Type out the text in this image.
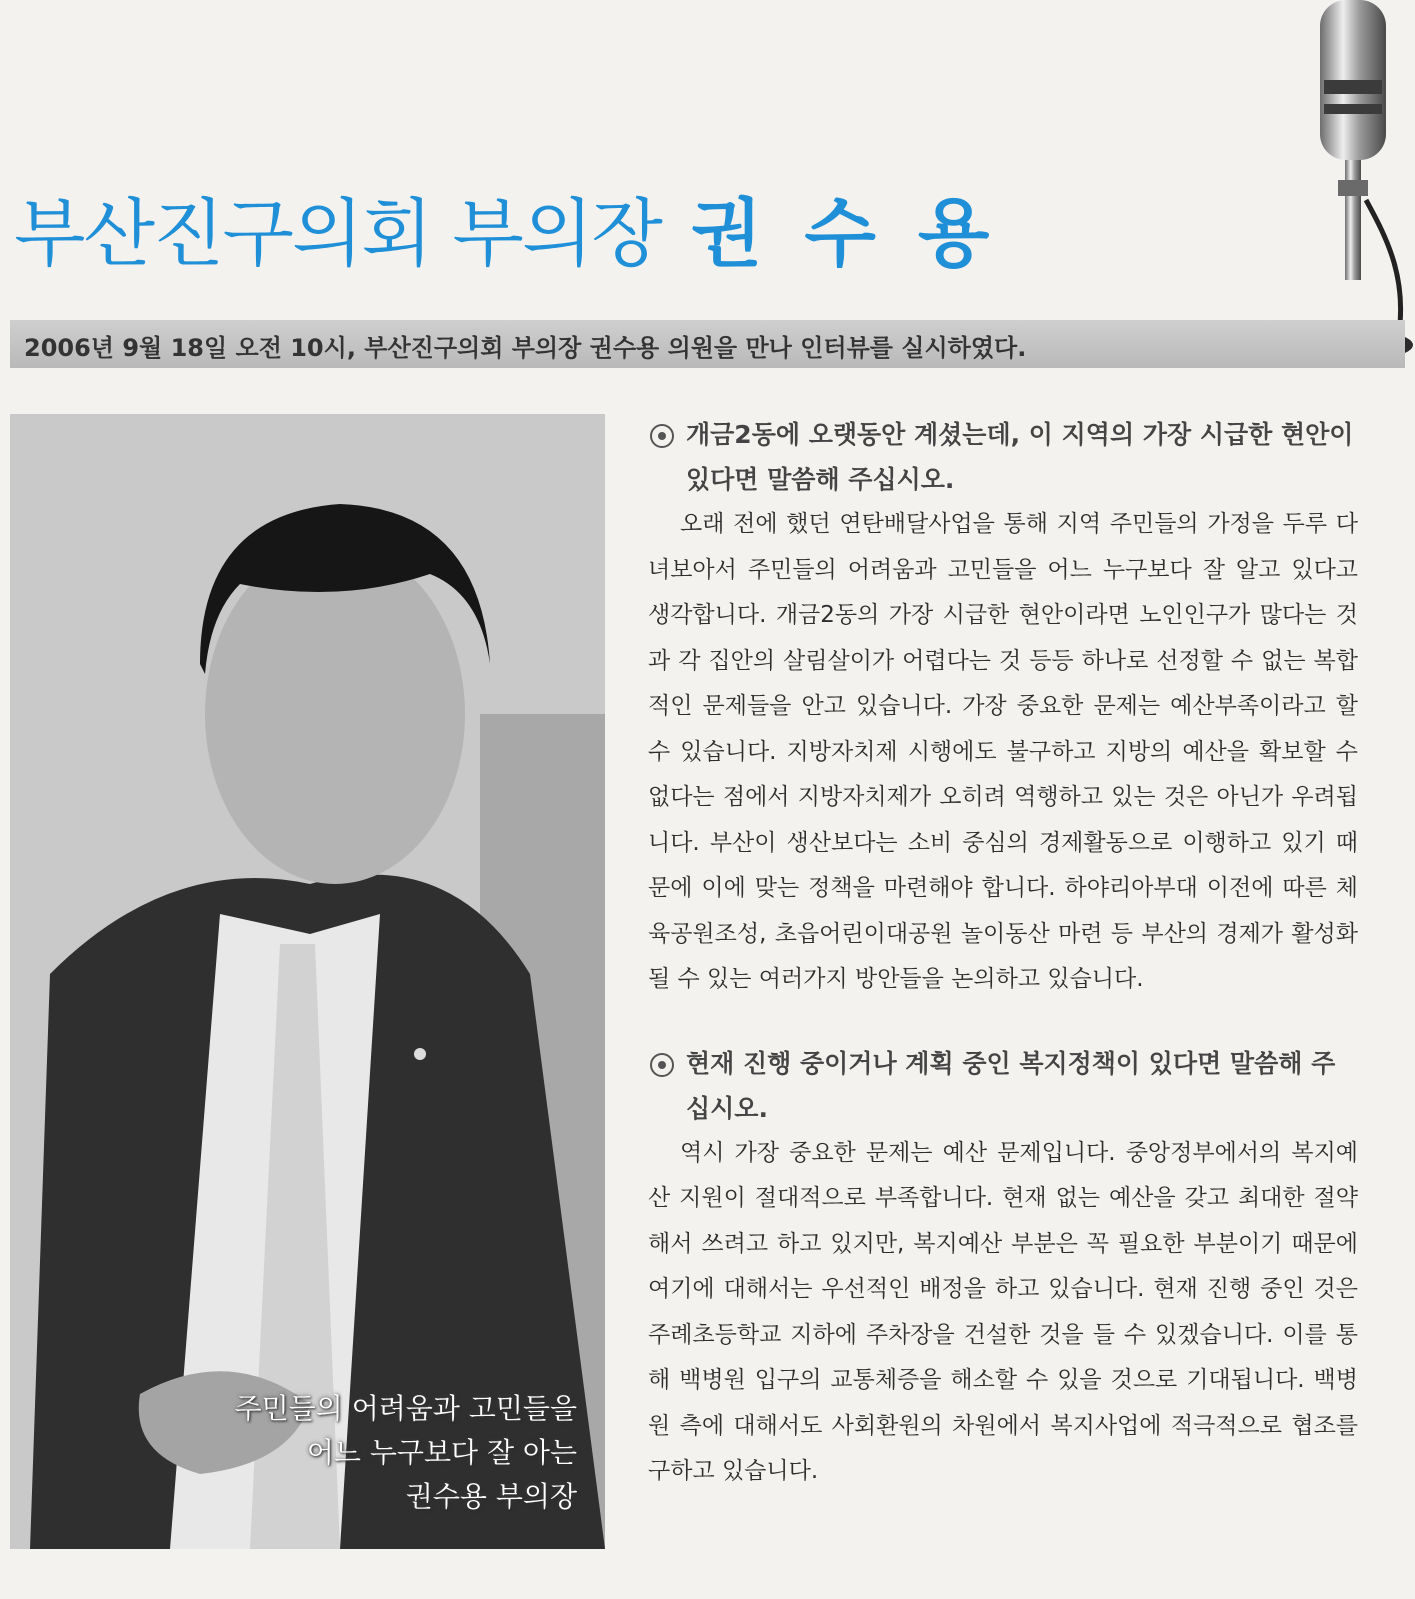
부산진구의회 부의장 권수용

2006년 9월 18일 오전 10시, 부산진구의회 부의장 권수용 의원을 만나 인터뷰를 실시하였다.

주민들의 어려움과 고민들을
어느 누구보다 잘 아는
권수용 부의장

개금2동에 오랫동안 계셨는데, 이 지역의 가장 시급한 현안이 있다면 말씀해 주십시오.

오래 전에 했던 연탄배달사업을 통해 지역 주민들의 가정을 두루 다녀보아서 주민들의 어려움과 고민들을 어느 누구보다 잘 알고 있다고 생각합니다. 개금2동의 가장 시급한 현안이라면 노인인구가 많다는 것과 각 집안의 살림살이가 어렵다는 것 등등 하나로 선정할 수 없는 복합적인 문제들을 안고 있습니다. 가장 중요한 문제는 예산부족이라고 할 수 있습니다. 지방자치제 시행에도 불구하고 지방의 예산을 확보할 수 없다는 점에서 지방자치제가 오히려 역행하고 있는 것은 아닌가 우려됩니다. 부산이 생산보다는 소비 중심의 경제활동으로 이행하고 있기 때문에 이에 맞는 정책을 마련해야 합니다. 하야리아부대 이전에 따른 체육공원조성, 초읍어린이대공원 놀이동산 마련 등 부산의 경제가 활성화될 수 있는 여러가지 방안들을 논의하고 있습니다.

현재 진행 중이거나 계획 중인 복지정책이 있다면 말씀해 주십시오.

역시 가장 중요한 문제는 예산 문제입니다. 중앙정부에서의 복지예산 지원이 절대적으로 부족합니다. 현재 없는 예산을 갖고 최대한 절약해서 쓰려고 하고 있지만, 복지예산 부분은 꼭 필요한 부분이기 때문에 여기에 대해서는 우선적인 배정을 하고 있습니다. 현재 진행 중인 것은 주례초등학교 지하에 주차장을 건설한 것을 들 수 있겠습니다. 이를 통해 백병원 입구의 교통체증을 해소할 수 있을 것으로 기대됩니다. 백병원 측에 대해서도 사회환원의 차원에서 복지사업에 적극적으로 협조를 구하고 있습니다.
